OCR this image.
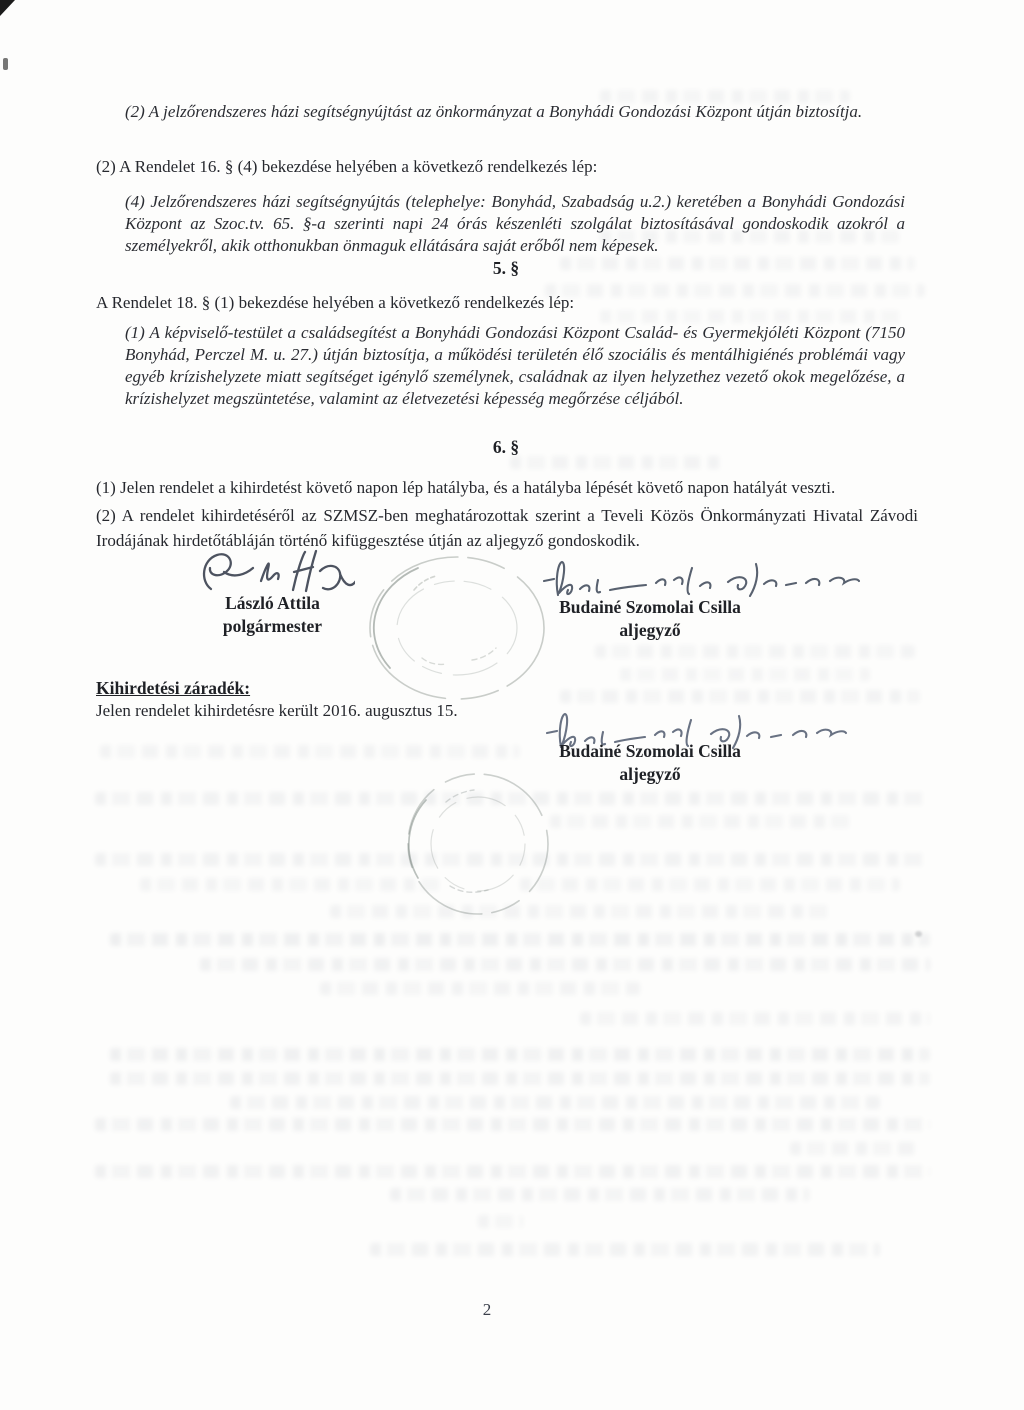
(2) A jelzőrendszeres házi segítségnyújtást az önkormányzat a Bonyhádi Gondozási Központ útján biztosítja.
(2) A Rendelet 16. § (4) bekezdése helyében a következő rendelkezés lép:
(4) Jelzőrendszeres házi segítségnyújtás (telephelye: Bonyhád, Szabadság u.2.) keretében a Bonyhádi Gondozási Központ az Szoc.tv. 65. §-a szerinti napi 24 órás készenléti szolgálat biztosításával gondoskodik azokról a személyekről, akik otthonukban önmaguk ellátására saját erőből nem képesek.
5. §
A Rendelet 18. § (1) bekezdése helyében a következő rendelkezés lép:
(1) A képviselő-testület a családsegítést a Bonyhádi Gondozási Központ Család- és Gyermekjóléti Központ (7150 Bonyhád, Perczel M. u. 27.) útján biztosítja, a működési területén élő szociális és mentálhigiénés problémái vagy egyéb krízishelyzete miatt segítséget igénylő személynek, családnak az ilyen helyzethez vezető okok megelőzése, a krízishelyzet megszüntetése, valamint az életvezetési képesség megőrzése céljából.
6. §
(1) Jelen rendelet a kihirdetést követő napon lép hatályba, és a hatályba lépését követő napon hatályát veszti.
(2) A rendelet kihirdetéséről az SZMSZ-ben meghatározottak szerint a Teveli Közös Önkormányzati Hivatal Závodi Irodájának hirdetőtábláján történő kifüggesztése útján az aljegyző gondoskodik.
László Attila
polgármester
Budainé Szomolai Csilla
aljegyző
Kihirdetési záradék:
Jelen rendelet kihirdetésre került 2016. augusztus 15.
Budainé Szomolai Csilla
aljegyző
2
